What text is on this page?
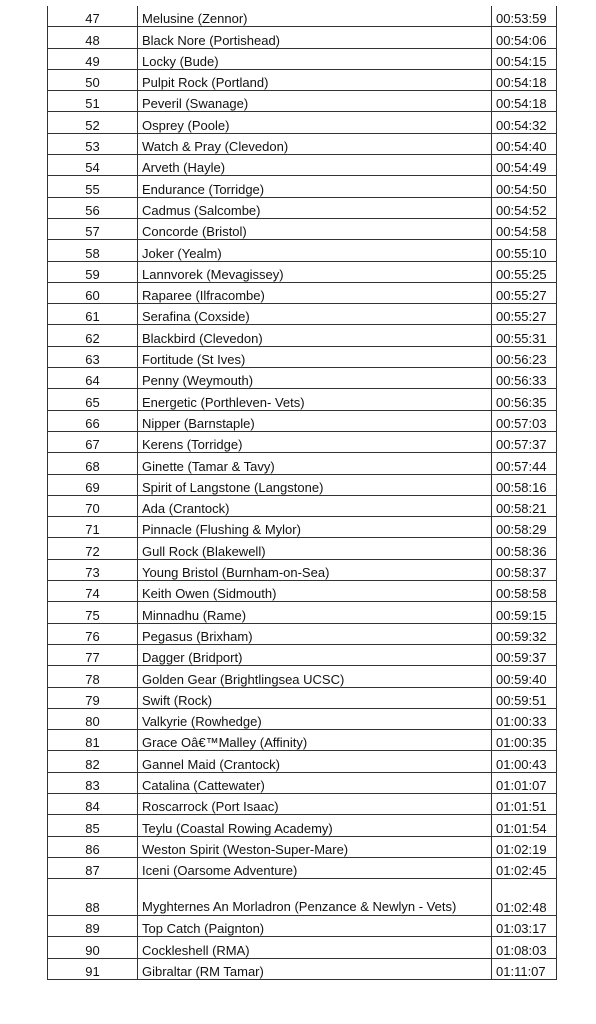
47	Melusine (Zennor)	00:53:59
48	Black Nore (Portishead)	00:54:06
49	Locky (Bude)	00:54:15
50	Pulpit Rock (Portland)	00:54:18
51	Peveril (Swanage)	00:54:18
52	Osprey (Poole)	00:54:32
53	Watch & Pray (Clevedon)	00:54:40
54	Arveth (Hayle)	00:54:49
55	Endurance (Torridge)	00:54:50
56	Cadmus (Salcombe)	00:54:52
57	Concorde (Bristol)	00:54:58
58	Joker (Yealm)	00:55:10
59	Lannvorek (Mevagissey)	00:55:25
60	Raparee (Ilfracombe)	00:55:27
61	Serafina (Coxside)	00:55:27
62	Blackbird (Clevedon)	00:55:31
63	Fortitude (St Ives)	00:56:23
64	Penny (Weymouth)	00:56:33
65	Energetic (Porthleven- Vets)	00:56:35
66	Nipper (Barnstaple)	00:57:03
67	Kerens (Torridge)	00:57:37
68	Ginette (Tamar & Tavy)	00:57:44
69	Spirit of Langstone (Langstone)	00:58:16
70	Ada (Crantock)	00:58:21
71	Pinnacle (Flushing & Mylor)	00:58:29
72	Gull Rock (Blakewell)	00:58:36
73	Young Bristol (Burnham-on-Sea)	00:58:37
74	Keith Owen (Sidmouth)	00:58:58
75	Minnadhu (Rame)	00:59:15
76	Pegasus (Brixham)	00:59:32
77	Dagger (Bridport)	00:59:37
78	Golden Gear (Brightlingsea UCSC)	00:59:40
79	Swift (Rock)	00:59:51
80	Valkyrie (Rowhedge)	01:00:33
81	Grace Oâ€™Malley (Affinity)	01:00:35
82	Gannel Maid (Crantock)	01:00:43
83	Catalina (Cattewater)	01:01:07
84	Roscarrock (Port Isaac)	01:01:51
85	Teylu (Coastal Rowing Academy)	01:01:54
86	Weston Spirit (Weston-Super-Mare)	01:02:19
87	Iceni (Oarsome Adventure)	01:02:45
88	Myghternes An Morladron (Penzance & Newlyn - Vets)	01:02:48
89	Top Catch (Paignton)	01:03:17
90	Cockleshell (RMA)	01:08:03
91	Gibraltar (RM Tamar)	01:11:07
